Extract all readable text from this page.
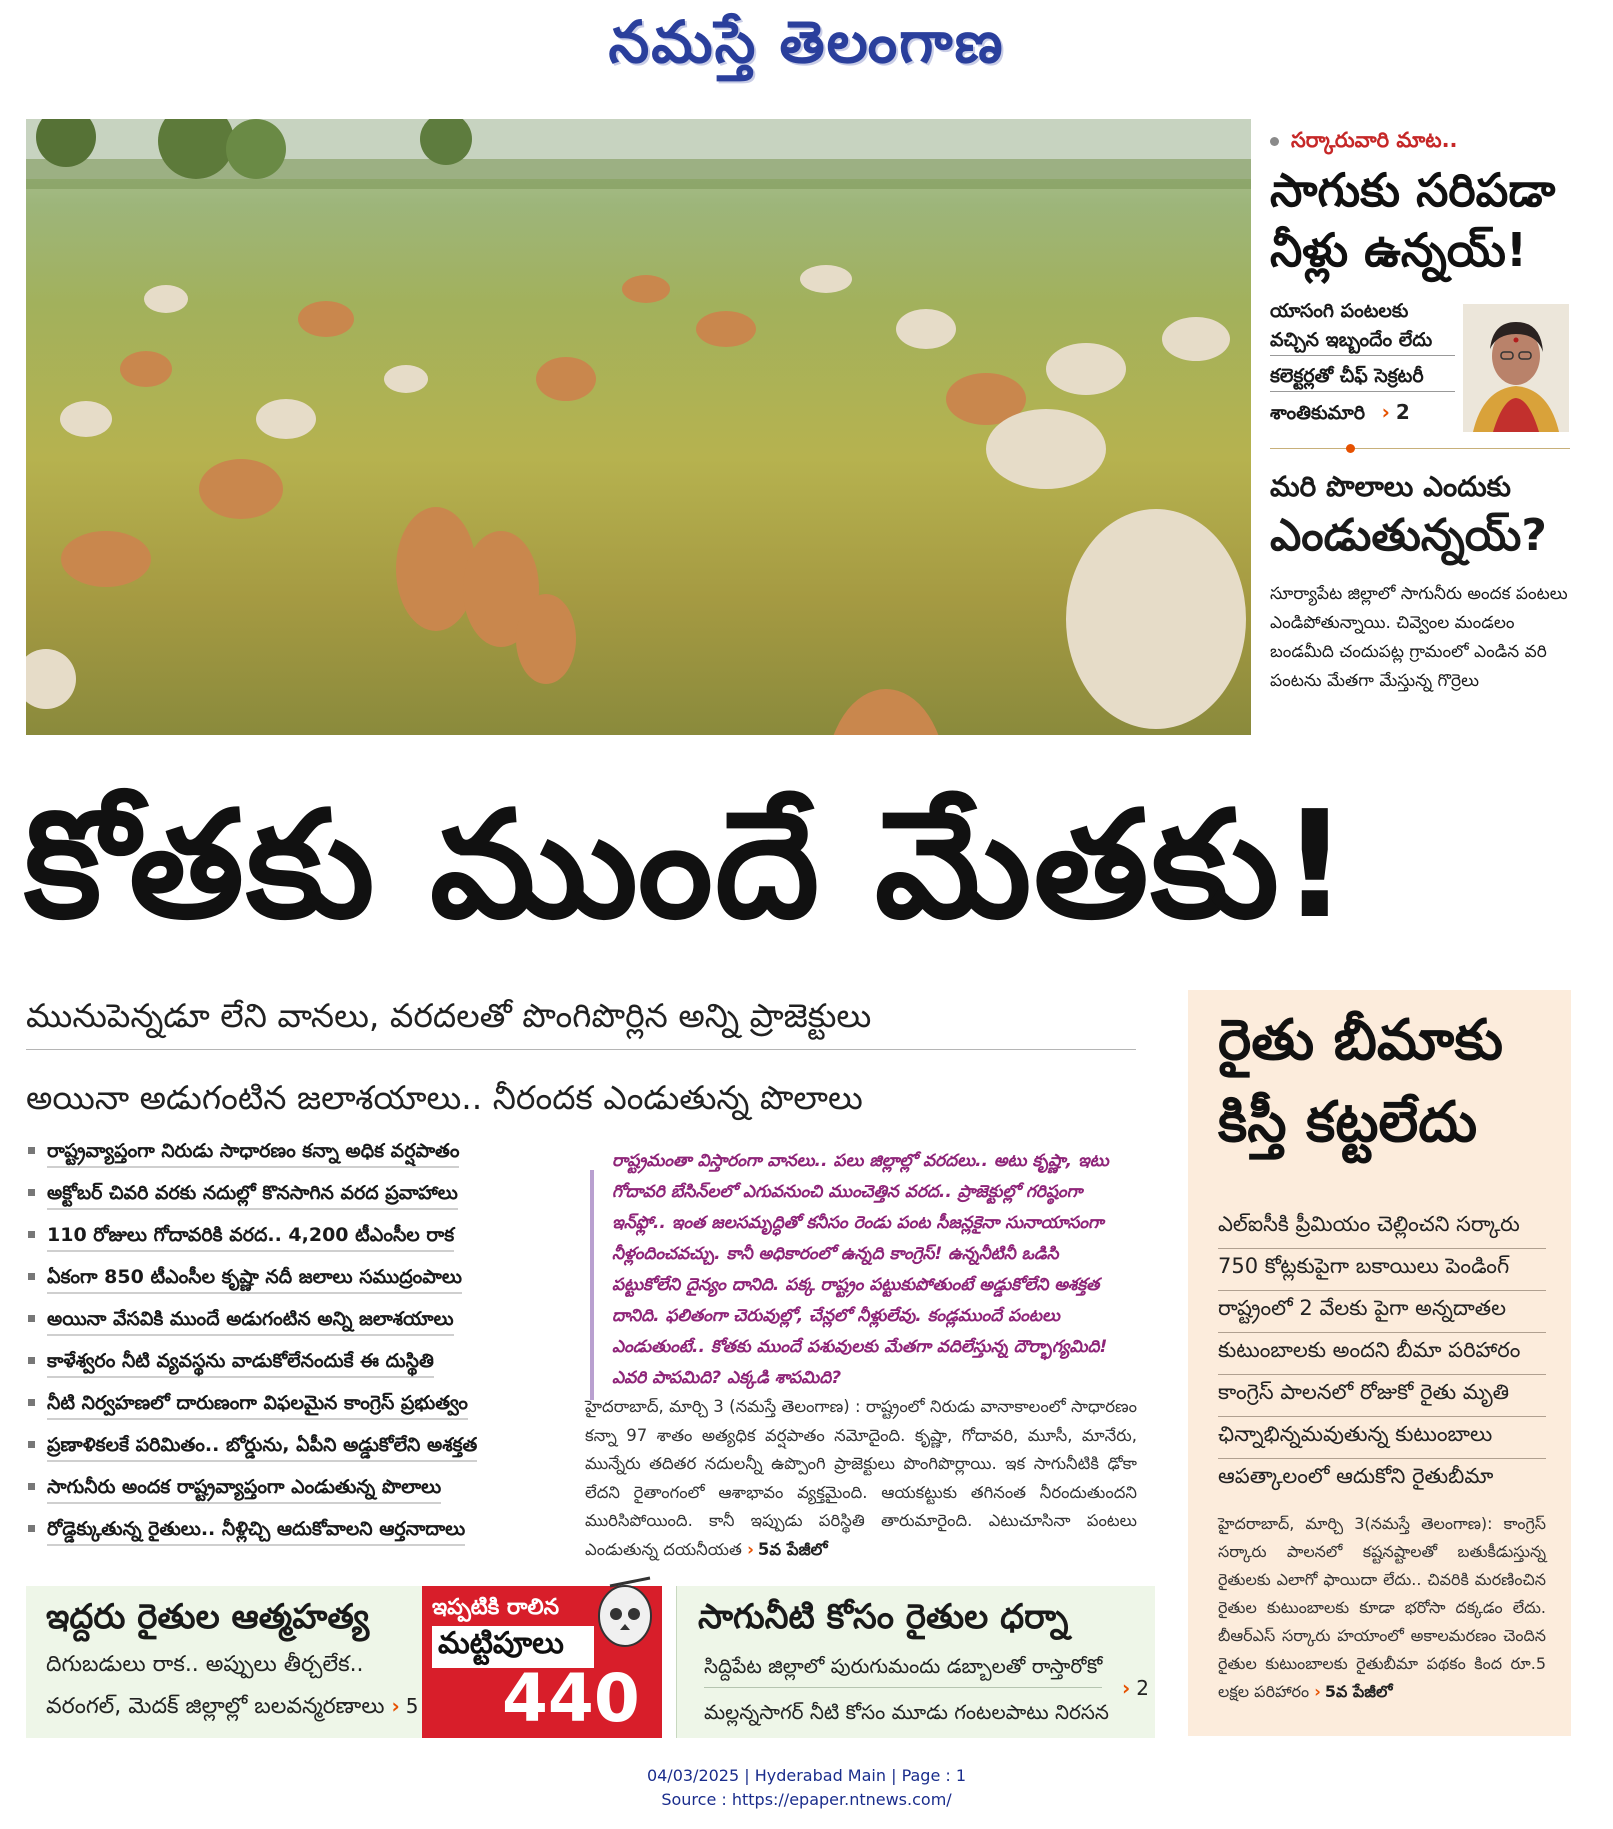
నమస్తే తెలంగాణ
సర్కారువారి మాట..
సాగుకు సరిపడా
నీళ్లు ఉన్నయ్!
యాసంగి పంటలకు వచ్చిన ఇబ్బందేం లేదు
కలెక్టర్లతో చీఫ్ సెక్రటరీ
శాంతికుమారి › 2
మరి పొలాలు ఎందుకు
ఎండుతున్నయ్?
సూర్యాపేట జిల్లాలో సాగునీరు అందక పంటలు ఎండిపోతున్నాయి. చివ్వెంల మండలం బండమీది చందుపట్ల గ్రామంలో ఎండిన వరి పంటను మేతగా మేస్తున్న గొర్రెలు
కోతకు ముందే మేతకు!
మునుపెన్నడూ లేని వానలు, వరదలతో పొంగిపొర్లిన అన్ని ప్రాజెక్టులు
అయినా అడుగంటిన జలాశయాలు.. నీరందక ఎండుతున్న పొలాలు
రాష్ట్రవ్యాప్తంగా నిరుడు సాధారణం కన్నా అధిక వర్షపాతం
అక్టోబర్ చివరి వరకు నదుల్లో కొనసాగిన వరద ప్రవాహాలు
110 రోజులు గోదావరికి వరద.. 4,200 టీఎంసీల రాక
ఏకంగా 850 టీఎంసీల కృష్ణా నదీ జలాలు సముద్రంపాలు
అయినా వేసవికి ముందే అడుగంటిన అన్ని జలాశయాలు
కాళేశ్వరం నీటి వ్యవస్థను వాడుకోలేనందుకే ఈ దుస్థితి
నీటి నిర్వహణలో దారుణంగా విఫలమైన కాంగ్రెస్ ప్రభుత్వం
ప్రణాళికలకే పరిమితం.. బోర్డును, ఏపీని అడ్డుకోలేని అశక్తత
సాగునీరు అందక రాష్ట్రవ్యాప్తంగా ఎండుతున్న పొలాలు
రోడ్డెక్కుతున్న రైతులు.. నీళ్లిచ్చి ఆదుకోవాలని ఆర్తనాదాలు
రాష్ట్రమంతా విస్తారంగా వానలు.. పలు జిల్లాల్లో వరదలు.. అటు కృష్ణా, ఇటు గోదావరి బేసిన్‌లలో ఎగువనుంచి ముంచెత్తిన వరద.. ప్రాజెక్టుల్లో గరిష్ఠంగా ఇన్‌ఫ్లో.. ఇంత జలసమృద్ధితో కనీసం రెండు పంట సీజన్లకైనా సునాయాసంగా నీళ్లందించవచ్చు. కానీ అధికారంలో ఉన్నది కాంగ్రెస్! ఉన్ననీటినీ ఒడిసి పట్టుకోలేని దైన్యం దానిది. పక్క రాష్ట్రం పట్టుకుపోతుంటే అడ్డుకోలేని అశక్తత దానిది. ఫలితంగా చెరువుల్లో, చేన్లలో నీళ్లులేవు. కండ్లముందే పంటలు ఎండుతుంటే.. కోతకు ముందే పశువులకు మేతగా వదిలేస్తున్న దౌర్భాగ్యమిది! ఎవరి పాపమిది? ఎక్కడి శాపమిది?
హైదరాబాద్, మార్చి 3 (నమస్తే తెలంగాణ) : రాష్ట్రంలో నిరుడు వానాకాలంలో సాధారణం కన్నా 97 శాతం అత్యధిక వర్షపాతం నమోదైంది. కృష్ణా, గోదావరి, మూసీ, మానేరు, మున్నేరు తదితర నదులన్నీ ఉప్పొంగి ప్రాజెక్టులు పొంగిపొర్లాయి. ఇక సాగునీటికి ఢోకా లేదని రైతాంగంలో ఆశాభావం వ్యక్తమైంది. ఆయకట్టుకు తగినంత నీరందుతుందని మురిసిపోయింది. కానీ ఇప్పుడు పరిస్థితి తారుమారైంది. ఎటుచూసినా పంటలు ఎండుతున్న దయనీయత › 5వ పేజీలో
రైతు బీమాకు కిస్తీ కట్టలేదు
ఎల్‌ఐసీకి ప్రీమియం చెల్లించని సర్కారు
750 కోట్లకుపైగా బకాయిలు పెండింగ్
రాష్ట్రంలో 2 వేలకు పైగా అన్నదాతల
కుటుంబాలకు అందని బీమా పరిహారం
కాంగ్రెస్ పాలనలో రోజుకో రైతు మృతి
ఛిన్నాభిన్నమవుతున్న కుటుంబాలు
ఆపత్కాలంలో ఆదుకోని రైతుబీమా
హైదరాబాద్, మార్చి 3(నమస్తే తెలంగాణ): కాంగ్రెస్ సర్కారు పాలనలో కష్టనష్టాలతో బతుకీడుస్తున్న రైతులకు ఎలాగో ఫాయిదా లేదు.. చివరికి మరణించిన రైతుల కుటుంబాలకు కూడా భరోసా దక్కడం లేదు. బీఆర్‌ఎస్ సర్కారు హయాంలో అకాలమరణం చెందిన రైతుల కుటుంబాలకు రైతుబీమా పథకం కింద రూ.5 లక్షల పరిహారం › 5వ పేజీలో
ఇద్దరు రైతుల ఆత్మహత్య
దిగుబడులు రాక.. అప్పులు తీర్చలేక..
వరంగల్, మెదక్ జిల్లాల్లో బలవన్మరణాలు › 5
ఇప్పటికి రాలిన
మట్టిపూలు
440
సాగునీటి కోసం రైతుల ధర్నా
సిద్దిపేట జిల్లాలో పురుగుమందు డబ్బాలతో రాస్తారోకో
› 2
మల్లన్నసాగర్ నీటి కోసం మూడు గంటలపాటు నిరసన
04/03/2025 | Hyderabad Main | Page : 1
Source : https://epaper.ntnews.com/
